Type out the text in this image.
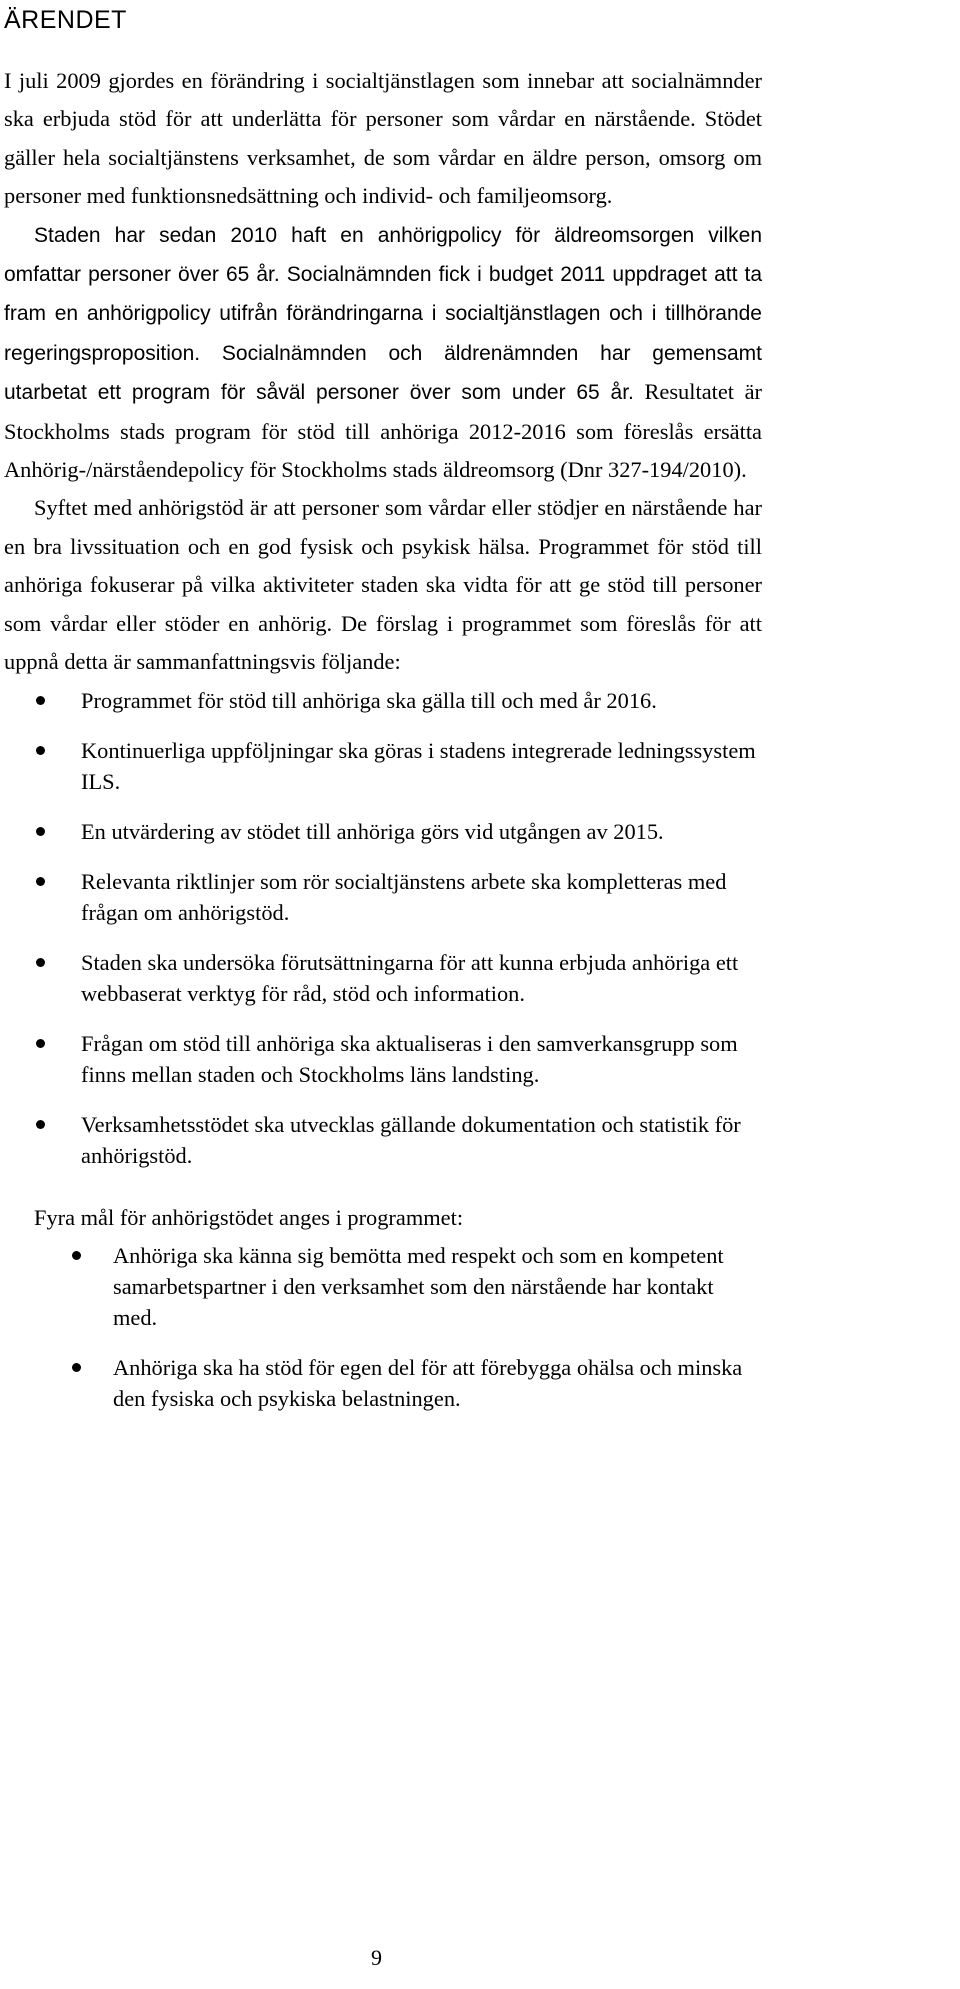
ÄRENDET

I juli 2009 gjordes en förändring i socialtjänstlagen som innebar att socialnämnder ska erbjuda stöd för att underlätta för personer som vårdar en närstående. Stödet gäller hela socialtjänstens verksamhet, de som vårdar en äldre person, omsorg om personer med funktionsnedsättning och individ- och familjeomsorg.

Staden har sedan 2010 haft en anhörigpolicy för äldreomsorgen vilken omfattar personer över 65 år. Socialnämnden fick i budget 2011 uppdraget att ta fram en anhörigpolicy utifrån förändringarna i socialtjänstlagen och i tillhörande regeringsproposition. Socialnämnden och äldrenämnden har gemensamt utarbetat ett program för såväl personer över som under 65 år. Resultatet är Stockholms stads program för stöd till anhöriga 2012-2016 som föreslås ersätta Anhörig-/närståendepolicy för Stockholms stads äldreomsorg (Dnr 327-194/2010).

Syftet med anhörigstöd är att personer som vårdar eller stödjer en närstående har en bra livssituation och en god fysisk och psykisk hälsa. Programmet för stöd till anhöriga fokuserar på vilka aktiviteter staden ska vidta för att ge stöd till personer som vårdar eller stöder en anhörig. De förslag i programmet som föreslås för att uppnå detta är sammanfattningsvis följande:

Programmet för stöd till anhöriga ska gälla till och med år 2016.
Kontinuerliga uppföljningar ska göras i stadens integrerade ledningssystem ILS.
En utvärdering av stödet till anhöriga görs vid utgången av 2015.
Relevanta riktlinjer som rör socialtjänstens arbete ska kompletteras med frågan om anhörigstöd.
Staden ska undersöka förutsättningarna för att kunna erbjuda anhöriga ett webbaserat verktyg för råd, stöd och information.
Frågan om stöd till anhöriga ska aktualiseras i den samverkansgrupp som finns mellan staden och Stockholms läns landsting.
Verksamhetsstödet ska utvecklas gällande dokumentation och statistik för anhörigstöd.

Fyra mål för anhörigstödet anges i programmet:

Anhöriga ska känna sig bemötta med respekt och som en kompetent samarbetspartner i den verksamhet som den närstående har kontakt med.
Anhöriga ska ha stöd för egen del för att förebygga ohälsa och minska den fysiska och psykiska belastningen.
9
